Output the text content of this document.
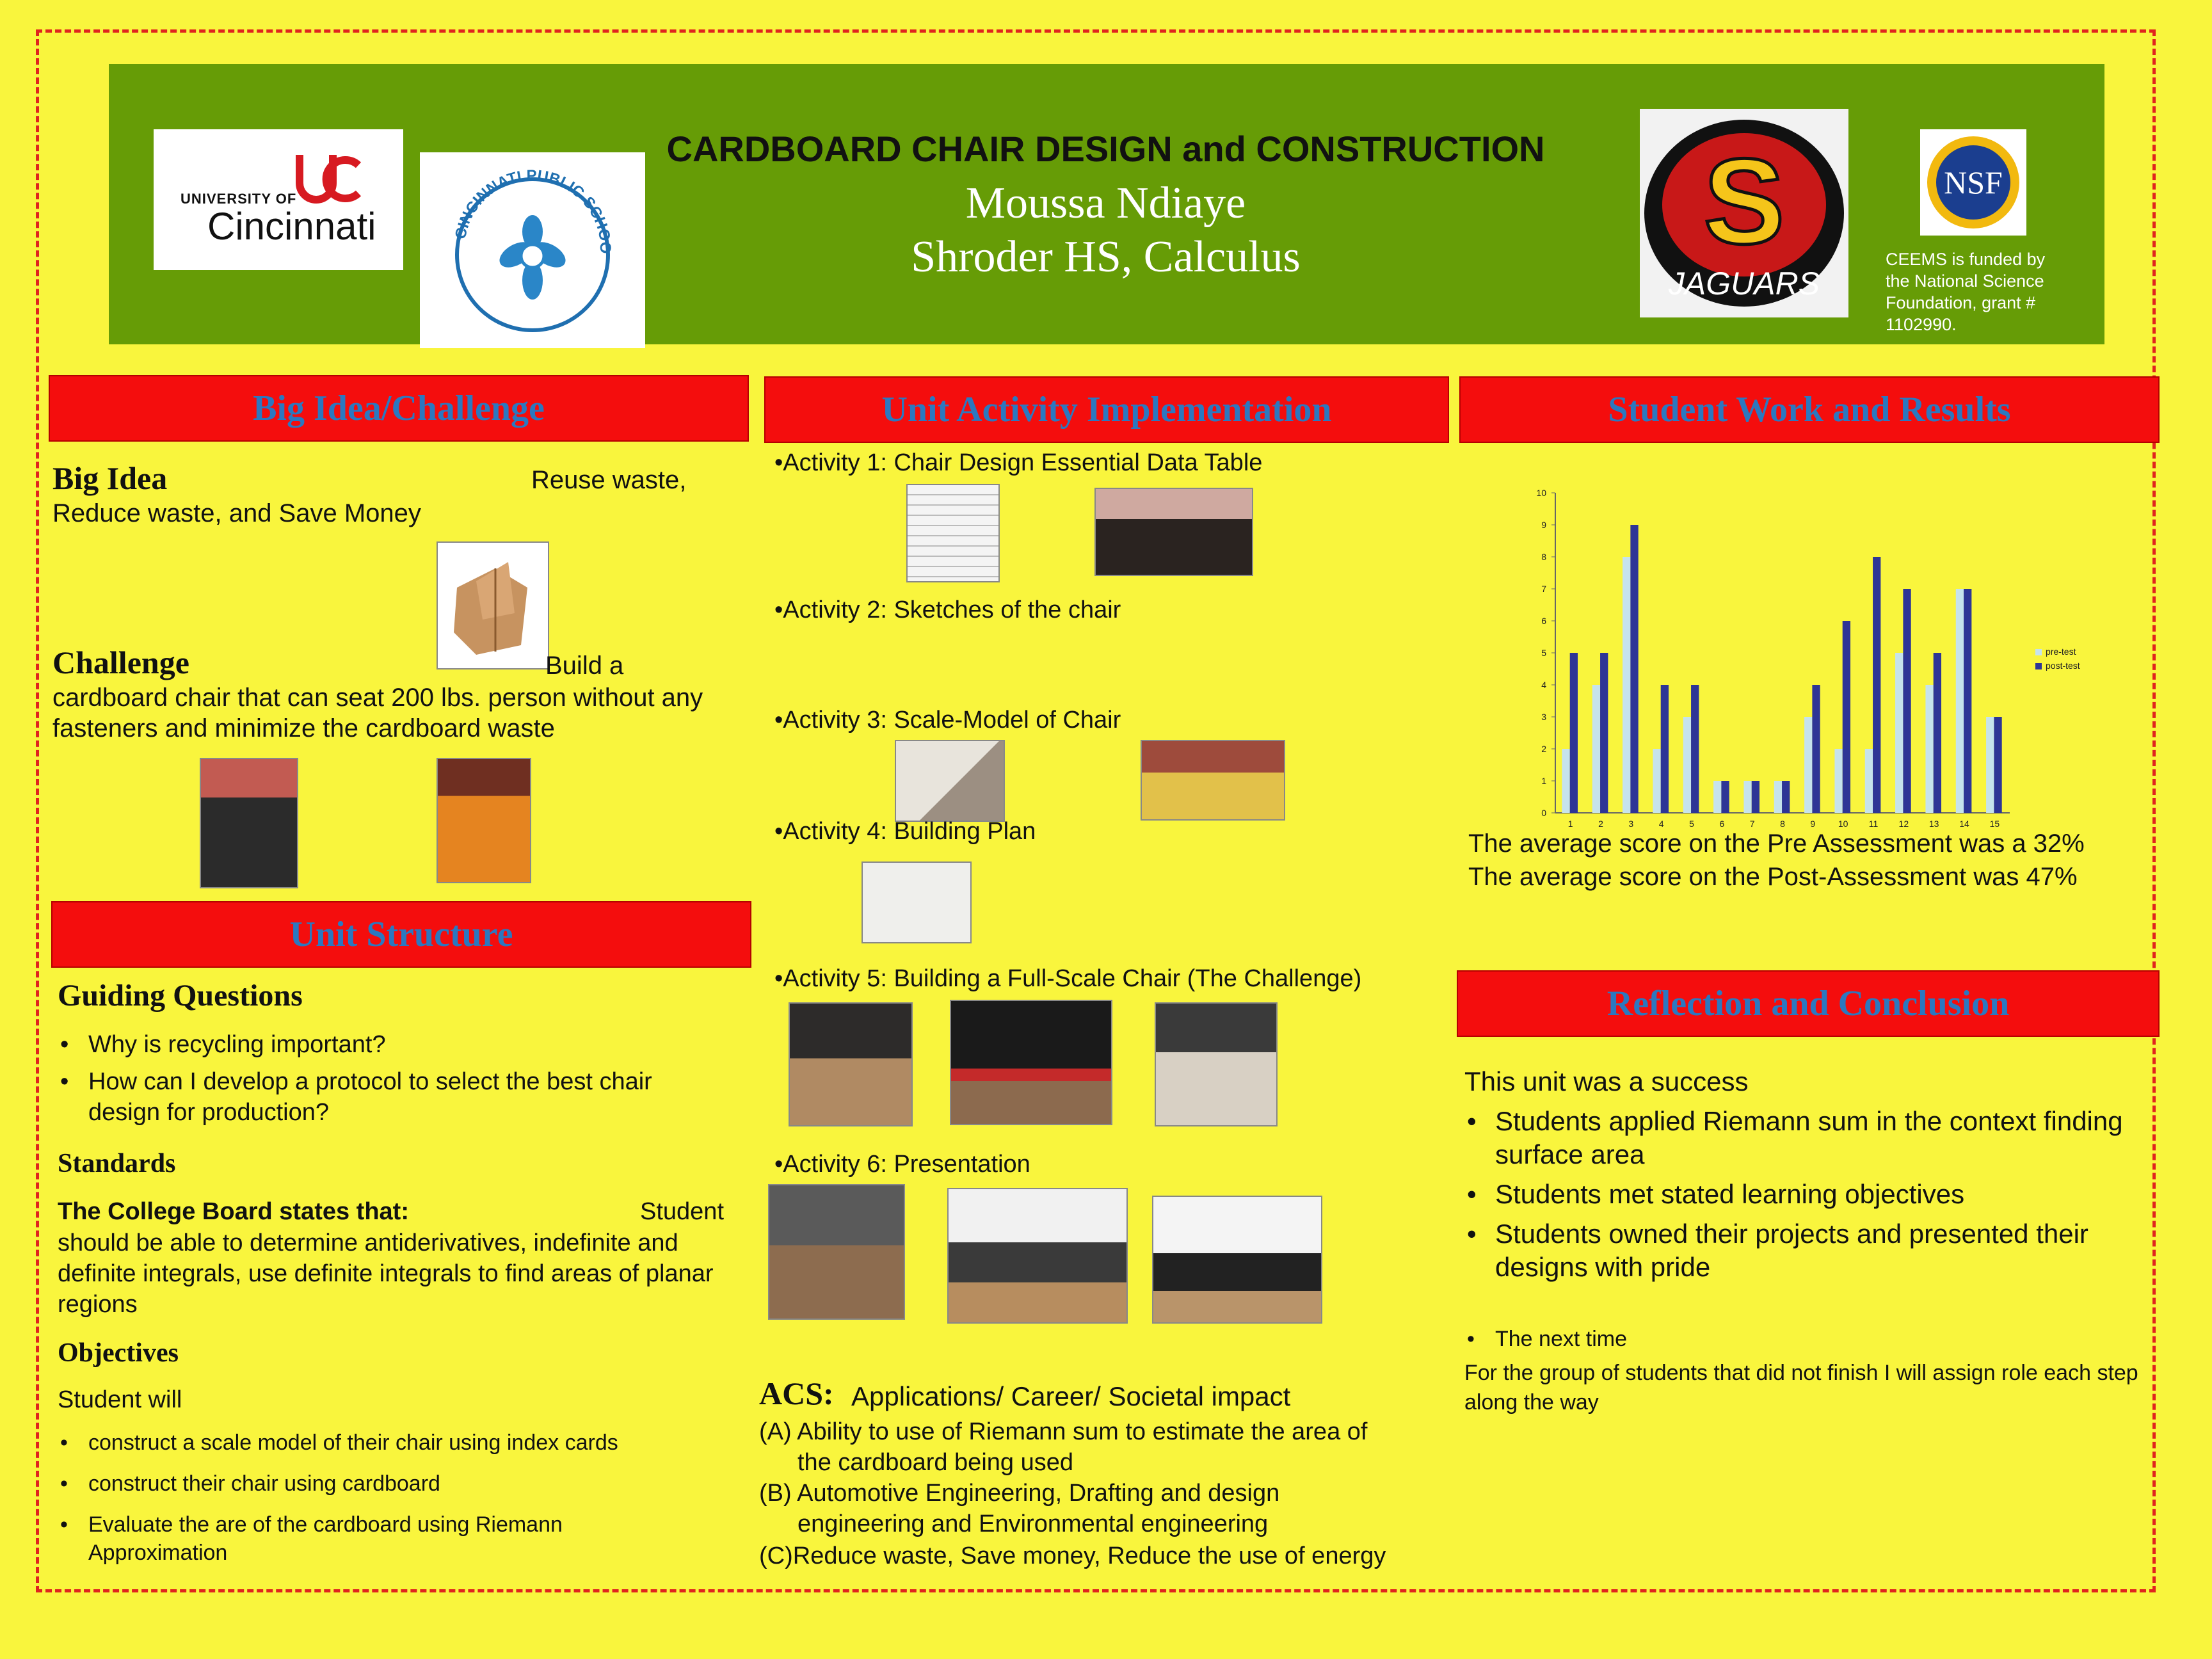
UNIVERSITY OF
Cincinnati	CINCINNATI PUBLIC SCHOO
CARDBOARD CHAIR DESIGN and CONSTRUCTION
Moussa Ndiaye
Shroder HS, Calculus	S
JAGUARS
NSF
CEEMS is funded by the National Science Foundation, grant # 1102990.
Big Idea/Challenge
Big Idea	Reuse waste,
Reduce waste, and Save Money
Challenge	Build a
cardboard chair that can seat 200 lbs. person without any
fasteners and minimize the cardboard waste
Unit Structure
Guiding Questions
• Why is recycling important?
• How can I develop a protocol to select the best chair design for production?
Standards
The College Board states that:	Student
should be able to determine antiderivatives, indefinite and definite integrals, use definite integrals to find areas of planar regions
Objectives
Student will
• construct a scale model of their chair using index cards
• construct their chair using cardboard
• Evaluate the are of the cardboard using Riemann Approximation
Unit Activity Implementation
•Activity 1: Chair Design Essential Data Table
•Activity 2: Sketches of the chair
•Activity 3: Scale-Model of Chair
•Activity 4: Building Plan
•Activity 5: Building a Full-Scale Chair (The Challenge)
•Activity 6: Presentation
ACS: Applications/ Career/ Societal impact
(A) Ability to use of Riemann sum to estimate the area of
the cardboard being used
(B) Automotive Engineering, Drafting and design
engineering and Environmental engineering
(C)Reduce waste, Save money, Reduce the use of energy
Student Work and Results
0
1
2
3
4
5
6
7
8
9
10
1	2	3	4	5	6	7	8	9	10 11 12 13 14 15
pre-test
post-test
The average score on the Pre Assessment was a 32%
The average score on the Post-Assessment was 47%
Reflection and Conclusion
This unit was a success
• Students applied Riemann sum in the context finding surface area
• Students met stated learning objectives
• Students owned their projects and presented their designs with pride
• The next time
For the group of students that did not finish I will assign role each step along the way
